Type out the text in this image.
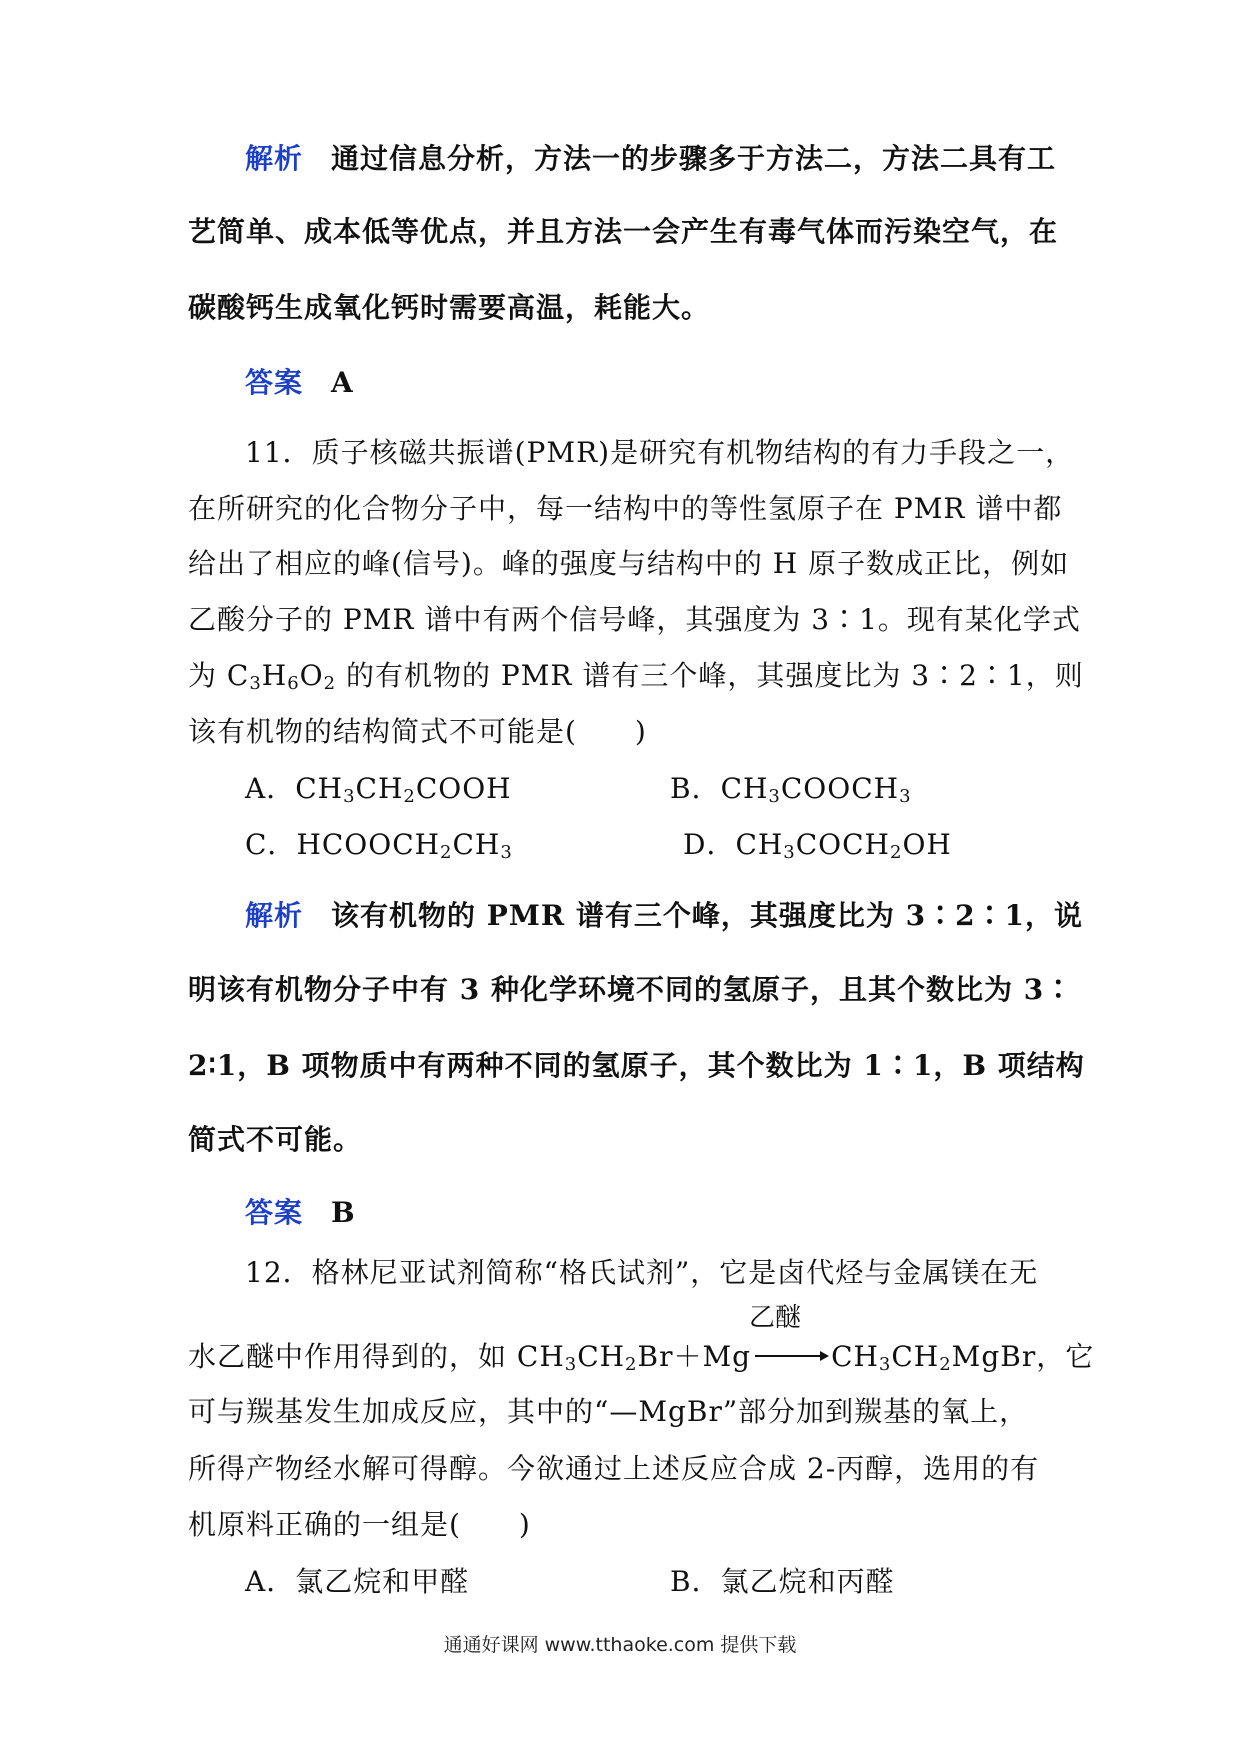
解析 通过信息分析，方法一的步骤多于方法二，方法二具有工
艺简单、成本低等优点，并且方法一会产生有毒气体而污染空气，在
碳酸钙生成氧化钙时需要高温，耗能大。
答案 A
11．质子核磁共振谱(PMR)是研究有机物结构的有力手段之一，
在所研究的化合物分子中，每一结构中的等性氢原子在 PMR 谱中都
给出了相应的峰(信号)。峰的强度与结构中的 H 原子数成正比，例如
乙酸分子的 PMR 谱中有两个信号峰，其强度为 3∶1。现有某化学式
为 $C_3H_6O_2$ 的有机物的 PMR 谱有三个峰，其强度比为 3∶2∶1，则
该有机物的结构简式不可能是(　　)
A．$CH_3CH_2COOH$	B．$CH_3COOCH_3$
C．$HCOOCH_2CH_3$	D．$CH_3COCH_2OH$
解析 该有机物的 PMR 谱有三个峰，其强度比为 3∶2∶1，说
明该有机物分子中有 3 种化学环境不同的氢原子，且其个数比为 3∶
2∶1，B 项物质中有两种不同的氢原子，其个数比为 1∶1，B 项结构
简式不可能。
答案 B
12．格林尼亚试剂简称“格氏试剂”，它是卤代烃与金属镁在无
乙醚
水乙醚中作用得到的，如 $CH_3CH_2Br+Mg$	$CH_3CH_2MgBr$，它
可与羰基发生加成反应，其中的“—MgBr”部分加到羰基的氧上，
所得产物经水解可得醇。今欲通过上述反应合成 2-丙醇，选用的有
机原料正确的一组是(　　)
A．氯乙烷和甲醛	B．氯乙烷和丙醛
通通好课网 www.tthaoke.com 提供下载
